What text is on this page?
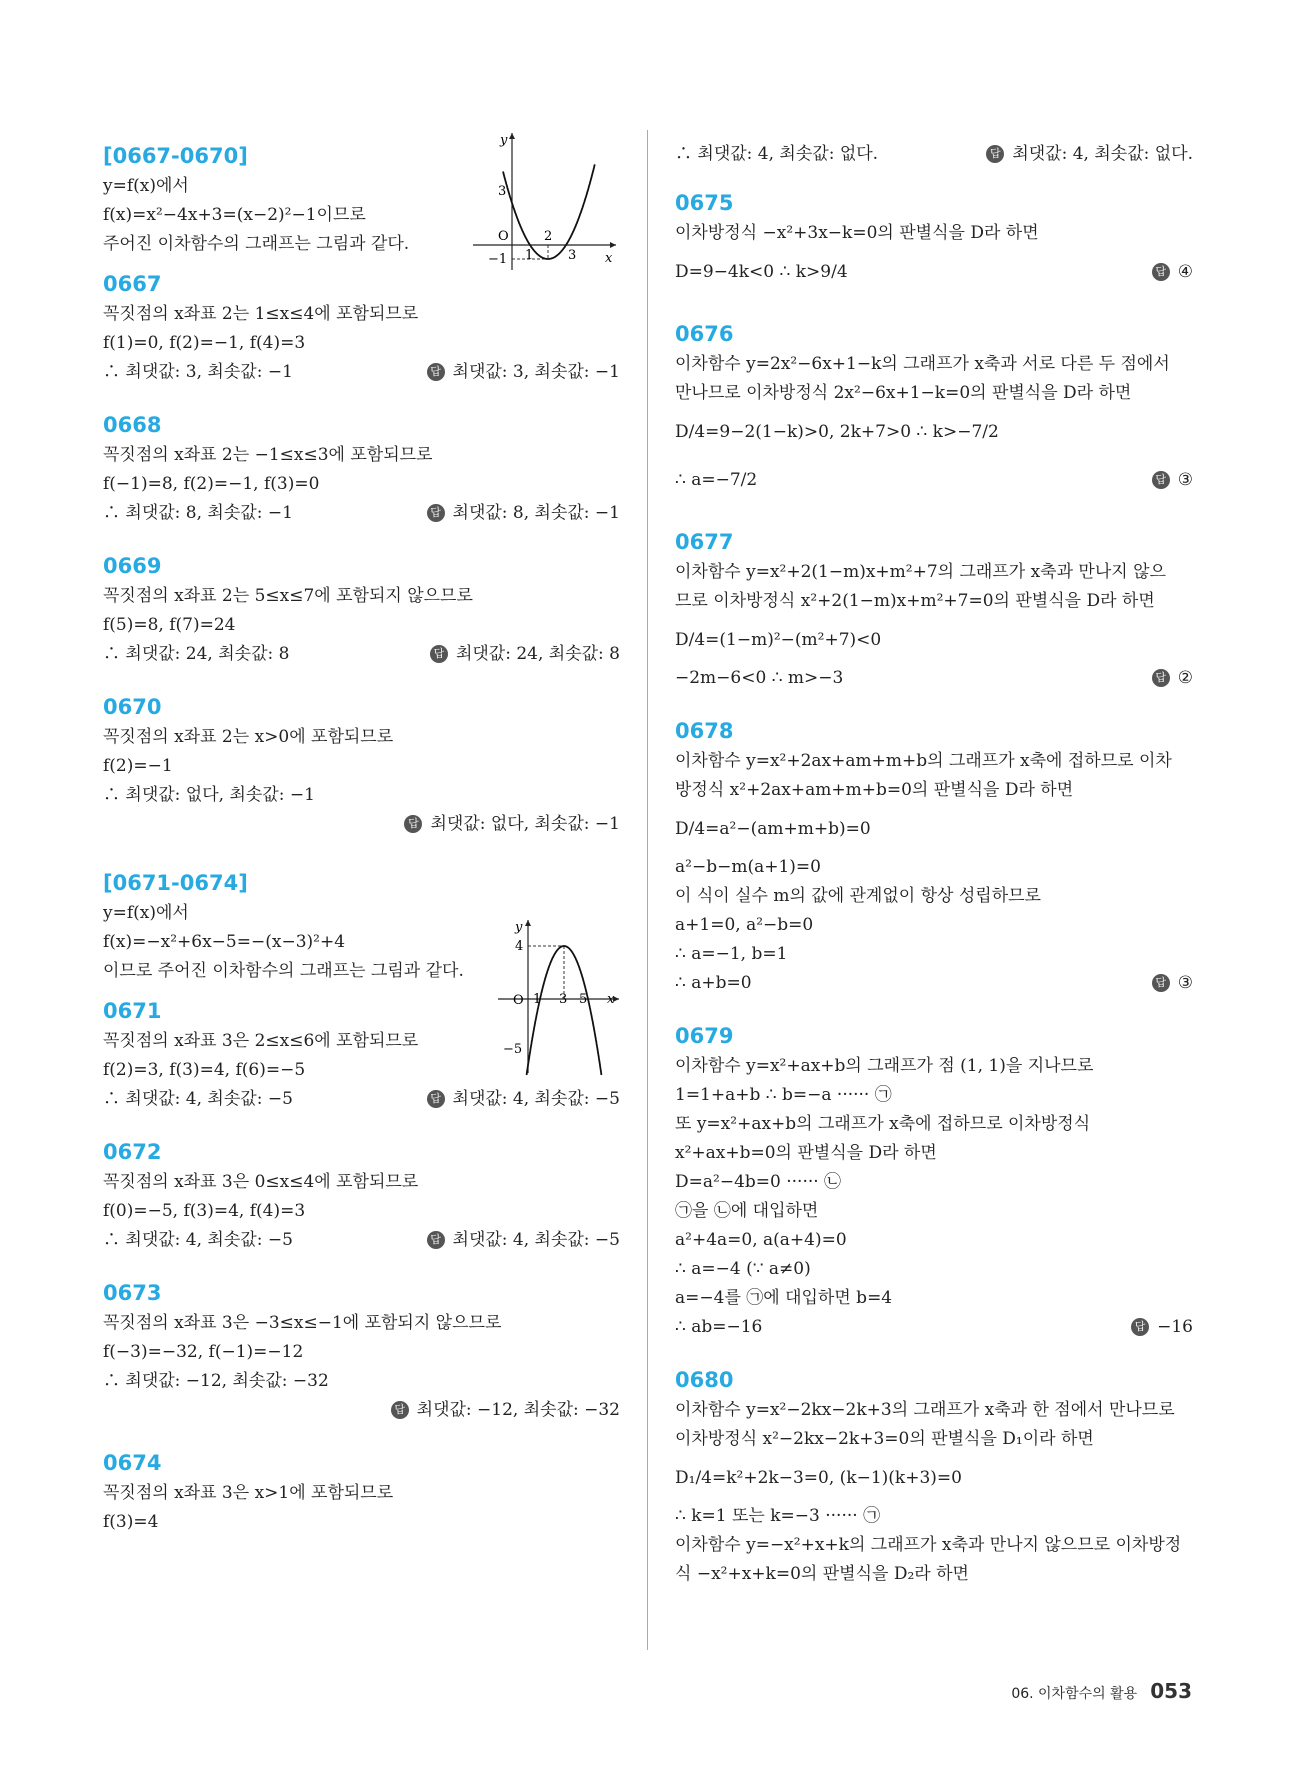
[0667-0670]
y=f(x)에서
f(x)=x²−4x+3=(x−2)²−1이므로
주어진 이차함수의 그래프는 그림과 같다.
0667
꼭짓점의 x좌표 2는 1≤x≤4에 포함되므로
f(1)=0, f(2)=−1, f(4)=3
∴ 최댓값: 3, 최솟값: −1	답 최댓값: 3, 최솟값: −1
0668
꼭짓점의 x좌표 2는 −1≤x≤3에 포함되므로
f(−1)=8, f(2)=−1, f(3)=0
∴ 최댓값: 8, 최솟값: −1	답 최댓값: 8, 최솟값: −1
0669
꼭짓점의 x좌표 2는 5≤x≤7에 포함되지 않으므로
f(5)=8, f(7)=24
∴ 최댓값: 24, 최솟값: 8	답 최댓값: 24, 최솟값: 8
0670
꼭짓점의 x좌표 2는 x>0에 포함되므로
f(2)=−1
∴ 최댓값: 없다, 최솟값: −1
답 최댓값: 없다, 최솟값: −1
[0671-0674]
y=f(x)에서
f(x)=−x²+6x−5=−(x−3)²+4
이므로 주어진 이차함수의 그래프는 그림과 같다.
0671
꼭짓점의 x좌표 3은 2≤x≤6에 포함되므로
f(2)=3, f(3)=4, f(6)=−5
∴ 최댓값: 4, 최솟값: −5	답 최댓값: 4, 최솟값: −5
0672
꼭짓점의 x좌표 3은 0≤x≤4에 포함되므로
f(0)=−5, f(3)=4, f(4)=3
∴ 최댓값: 4, 최솟값: −5	답 최댓값: 4, 최솟값: −5
0673
꼭짓점의 x좌표 3은 −3≤x≤−1에 포함되지 않으므로
f(−3)=−32, f(−1)=−12
∴ 최댓값: −12, 최솟값: −32
답 최댓값: −12, 최솟값: −32
0674
꼭짓점의 x좌표 3은 x>1에 포함되므로
f(3)=4
∴ 최댓값: 4, 최솟값: 없다.	답 최댓값: 4, 최솟값: 없다.
0675
이차방정식 −x²+3x−k=0의 판별식을 D라 하면
D=9−4k<0 ∴ k>9/4	답 ④
0676
이차함수 y=2x²−6x+1−k의 그래프가 x축과 서로 다른 두 점에서
만나므로 이차방정식 2x²−6x+1−k=0의 판별식을 D라 하면
D/4=9−2(1−k)>0, 2k+7>0 ∴ k>−7/2
∴ a=−7/2	답 ③
0677
이차함수 y=x²+2(1−m)x+m²+7의 그래프가 x축과 만나지 않으
므로 이차방정식 x²+2(1−m)x+m²+7=0의 판별식을 D라 하면
D/4=(1−m)²−(m²+7)<0
−2m−6<0 ∴ m>−3	답 ②
0678
이차함수 y=x²+2ax+am+m+b의 그래프가 x축에 접하므로 이차
방정식 x²+2ax+am+m+b=0의 판별식을 D라 하면
D/4=a²−(am+m+b)=0
a²−b−m(a+1)=0
이 식이 실수 m의 값에 관계없이 항상 성립하므로
a+1=0, a²−b=0
∴ a=−1, b=1
∴ a+b=0	답 ③
0679
이차함수 y=x²+ax+b의 그래프가 점 (1, 1)을 지나므로
1=1+a+b ∴ b=−a ······ ㉠
또 y=x²+ax+b의 그래프가 x축에 접하므로 이차방정식
x²+ax+b=0의 판별식을 D라 하면
D=a²−4b=0 ······ ㉡
㉠을 ㉡에 대입하면
a²+4a=0, a(a+4)=0
∴ a=−4 (∵ a≠0)
a=−4를 ㉠에 대입하면 b=4
∴ ab=−16	답 −16
0680
이차함수 y=x²−2kx−2k+3의 그래프가 x축과 한 점에서 만나므로
이차방정식 x²−2kx−2k+3=0의 판별식을 D₁이라 하면
D₁/4=k²+2k−3=0, (k−1)(k+3)=0
∴ k=1 또는 k=−3 ······ ㉠
이차함수 y=−x²+x+k의 그래프가 x축과 만나지 않으므로 이차방정
식 −x²+x+k=0의 판별식을 D₂라 하면
y
x
O
3
2
1	3
−1
y
x
O
4
1 3 5
−5
06. 이차함수의 활용 053
